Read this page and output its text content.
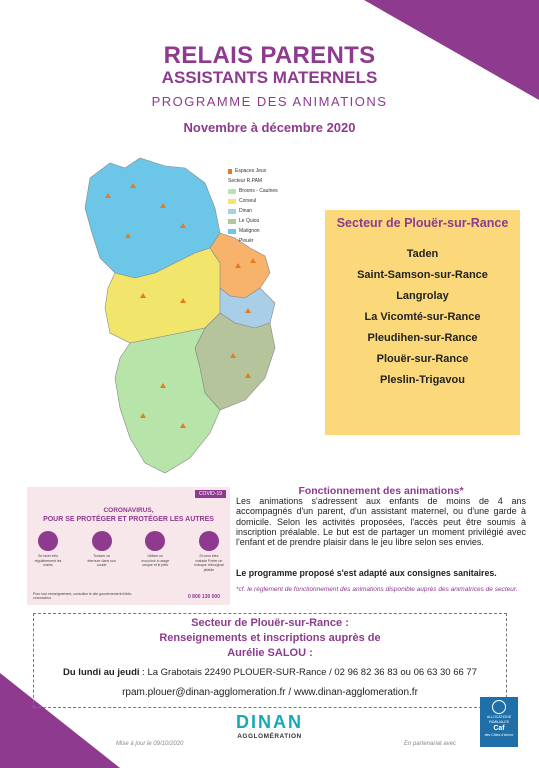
RELAIS PARENTS
ASSISTANTS MATERNELS
PROGRAMME DES ANIMATIONS
Novembre à décembre 2020
Espaces Jeux
Secteur R.PAM
Broons - Caulnes
Corseul
Dinan
Le Quiou
Matignon
Plouër
Secteur de Plouër-sur-Rance
Taden
Saint-Samson-sur-Rance
Langrolay
La Vicomté-sur-Rance
Pleudihen-sur-Rance
Plouër-sur-Rance
Pleslin-Trigavou
COVID-19
CORONAVIRUS,
POUR SE PROTÉGER ET PROTÉGER LES AUTRES
Se laver très régulièrement les mains
Tousser ou éternuer dans son coude
Utiliser un mouchoir à usage unique et le jeter
Si vous êtes malade Porter un masque chirurgical jetable
Pour tout renseignement, consultez le site gouvernement.fr/info-coronavirus	0 800 130 000
Fonctionnement des animations*
Les animations s'adressent aux enfants de moins de 4 ans accompagnés d'un parent, d'un assistant maternel, ou d'une garde à domicile. Selon les activités proposées, l'accès peut être soumis à inscription préalable. Le but est de partager un moment privilégié avec l'enfant et de prendre plaisir dans le jeu libre selon ses envies.
Le programme proposé s'est adapté aux consignes sanitaires.
*cf. le règlement de fonctionnement des animations disponible auprès des animatrices de secteur.
Secteur de Plouër-sur-Rance :
Renseignements et inscriptions auprès de
Aurélie SALOU :
Du lundi au jeudi : La Grabotais 22490 PLOUER-SUR-Rance / 02 96 82 36 83 ou 06 63 30 66 77
rpam.plouer@dinan-agglomeration.fr / www.dinan-agglomeration.fr
DINAN
AGGLOMÉRATION
Mise à jour le 09/10/2020	En partenariat avec
ALLOCATIONS FAMILIALES
Caf
des Côtes d'Armor
